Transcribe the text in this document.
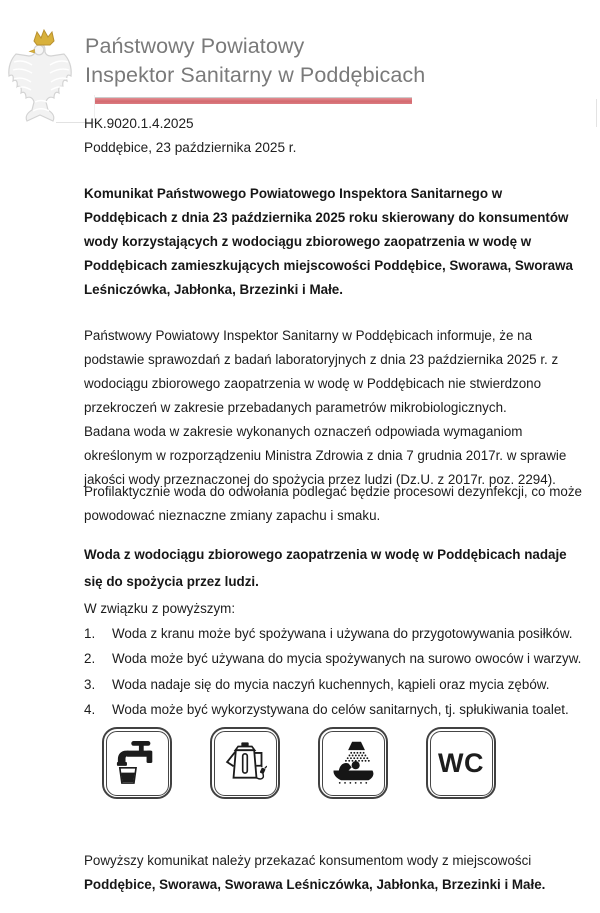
Państwowy Powiatowy
Inspektor Sanitarny w Poddębicach
HK.9020.1.4.2025
Poddębice, 23 października 2025 r.
Komunikat Państwowego Powiatowego Inspektora Sanitarnego w Poddębicach z dnia 23 października 2025 roku skierowany do konsumentów wody korzystających z wodociągu zbiorowego zaopatrzenia w wodę w Poddębicach zamieszkujących miejscowości Poddębice, Sworawa, Sworawa Leśniczówka, Jabłonka, Brzezinki i Małe.

Państwowy Powiatowy Inspektor Sanitarny w Poddębicach informuje, że na podstawie sprawozdań z badań laboratoryjnych z dnia 23 października 2025 r. z wodociągu zbiorowego zaopatrzenia w wodę w Poddębicach nie stwierdzono przekroczeń w zakresie przebadanych parametrów mikrobiologicznych.

Badana woda w zakresie wykonanych oznaczeń odpowiada wymaganiom określonym w rozporządzeniu Ministra Zdrowia z dnia 7 grudnia 2017r. w sprawie jakości wody przeznaczonej do spożycia przez ludzi (Dz.U. z 2017r. poz. 2294).

Profilaktycznie woda do odwołania podlegać będzie procesowi dezynfekcji, co może powodować nieznaczne zmiany zapachu i smaku.
Woda z wodociągu zbiorowego zaopatrzenia w wodę w Poddębicach nadaje się do spożycia przez ludzi.
W związku z powyższym:
1.	Woda z kranu może być spożywana i używana do przygotowywania posiłków.
2.	Woda może być używana do mycia spożywanych na surowo owoców i warzyw.
3.	Woda nadaje się do mycia naczyń kuchennych, kąpieli oraz mycia zębów.
4.	Woda może być wykorzystywana do celów sanitarnych, tj. spłukiwania toalet.
WC
Powyższy komunikat należy przekazać konsumentom wody z miejscowości Poddębice, Sworawa, Sworawa Leśniczówka, Jabłonka, Brzezinki i Małe.
